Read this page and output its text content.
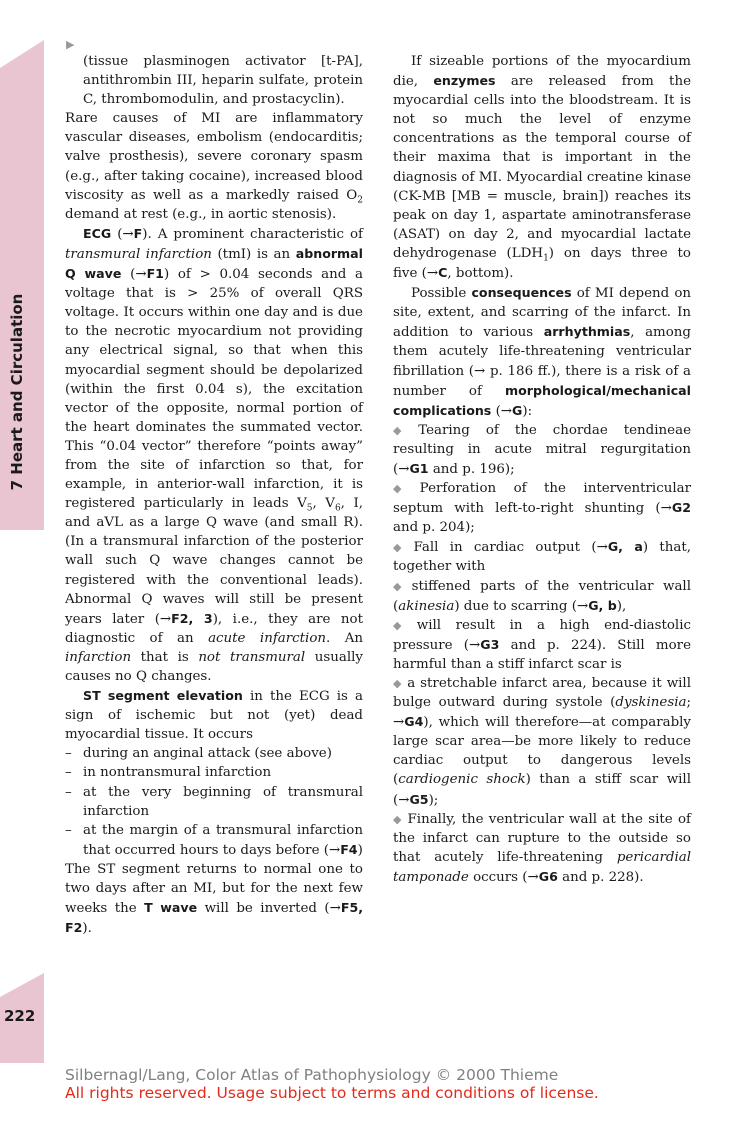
7 Heart and Circulation
222
▶

(tissue plasminogen activator [t-PA], antithrombin III, heparin sulfate, protein C, thrombomodulin, and prostacyclin).

Rare causes of MI are inflammatory vascular diseases, embolism (endocarditis; valve prosthesis), severe coronary spasm (e.g., after taking cocaine), increased blood viscosity as well as a markedly raised $O_2$ demand at rest (e.g., in aortic stenosis).

ECG (→F). A prominent characteristic of transmural infarction (tmI) is an abnormal Q wave (→F1) of > 0.04 seconds and a voltage that is > 25% of overall QRS voltage. It occurs within one day and is due to the necrotic myocardium not providing any electrical signal, so that when this myocardial segment should be depolarized (within the first 0.04 s), the excitation vector of the opposite, normal portion of the heart dominates the summated vector. This “0.04 vector” therefore “points away” from the site of infarction so that, for example, in anterior-wall infarction, it is registered particularly in leads $V_5$, $V_6$, I, and aVL as a large Q wave (and small R). (In a transmural infarction of the posterior wall such Q wave changes cannot be registered with the conventional leads). Abnormal Q waves will still be present years later (→F2, 3), i.e., they are not diagnostic of an acute infarction. An infarction that is not transmural usually causes no Q changes.

ST segment elevation in the ECG is a sign of ischemic but not (yet) dead myocardial tissue. It occurs

– during an anginal attack (see above)
– in nontransmural infarction
– at the very beginning of transmural infarction
– at the margin of a transmural infarction that occurred hours to days before (→F4)

The ST segment returns to normal one to two days after an MI, but for the next few weeks the T wave will be inverted (→F5, F2).

If sizeable portions of the myocardium die, enzymes are released from the myocardial cells into the bloodstream. It is not so much the level of enzyme concentrations as the temporal course of their maxima that is important in the diagnosis of MI. Myocardial creatine kinase (CK-MB [MB = muscle, brain]) reaches its peak on day 1, aspartate aminotransferase (ASAT) on day 2, and myocardial lactate dehydrogenase $(LDH_1)$ on days three to five (→C, bottom).

Possible consequences of MI depend on site, extent, and scarring of the infarct. In addition to various arrhythmias, among them acutely life-threatening ventricular fibrillation (→ p. 186 ff.), there is a risk of a number of morphological/mechanical complications (→G):

◆ Tearing of the chordae tendineae resulting in acute mitral regurgitation (→G1 and p. 196);

◆ Perforation of the interventricular septum with left-to-right shunting (→G2 and p. 204);

◆ Fall in cardiac output (→G, a) that, together with

◆ stiffened parts of the ventricular wall (akinesia) due to scarring (→G, b),

◆ will result in a high end-diastolic pressure (→G3 and p. 224). Still more harmful than a stiff infarct scar is

◆ a stretchable infarct area, because it will bulge outward during systole (dyskinesia; →G4), which will therefore—at comparably large scar area—be more likely to reduce cardiac output to dangerous levels (cardiogenic shock) than a stiff scar will (→G5);

◆ Finally, the ventricular wall at the site of the infarct can rupture to the outside so that acutely life-threatening pericardial tamponade occurs (→G6 and p. 228).

Silbernagl/Lang, Color Atlas of Pathophysiology © 2000 Thieme
All rights reserved. Usage subject to terms and conditions of license.
